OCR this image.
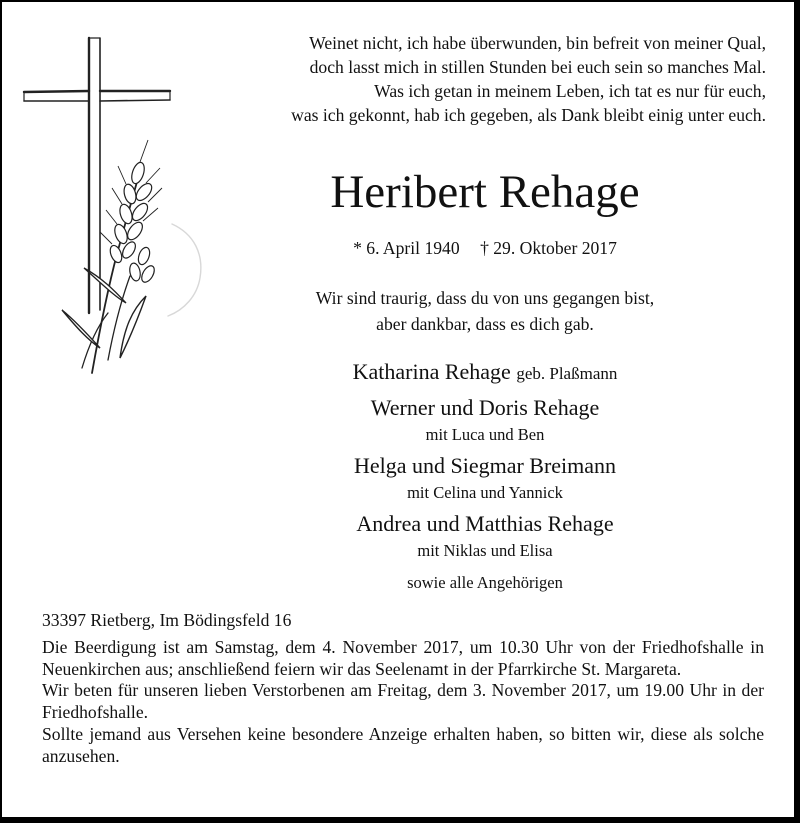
Weinet nicht, ich habe überwunden, bin befreit von meiner Qual,
doch lasst mich in stillen Stunden bei euch sein so manches Mal.
Was ich getan in meinem Leben, ich tat es nur für euch,
was ich gekonnt, hab ich gegeben, als Dank bleibt einig unter euch.
Heribert Rehage
* 6. April 1940 † 29. Oktober 2017
Wir sind traurig, dass du von uns gegangen bist,
aber dankbar, dass es dich gab.
Katharina Rehage geb. Plaßmann
Werner und Doris Rehage
mit Luca und Ben
Helga und Siegmar Breimann
mit Celina und Yannick
Andrea und Matthias Rehage
mit Niklas und Elisa
sowie alle Angehörigen
33397 Rietberg, Im Bödingsfeld 16

Die Beerdigung ist am Samstag, dem 4. November 2017, um 10.30 Uhr von der Friedhofshalle in Neuenkirchen aus; anschließend feiern wir das Seelenamt in der Pfarrkirche St. Margareta.

Wir beten für unseren lieben Verstorbenen am Freitag, dem 3. November 2017, um 19.00 Uhr in der Friedhofshalle.

Sollte jemand aus Versehen keine besondere Anzeige erhalten haben, so bitten wir, diese als solche anzusehen.
